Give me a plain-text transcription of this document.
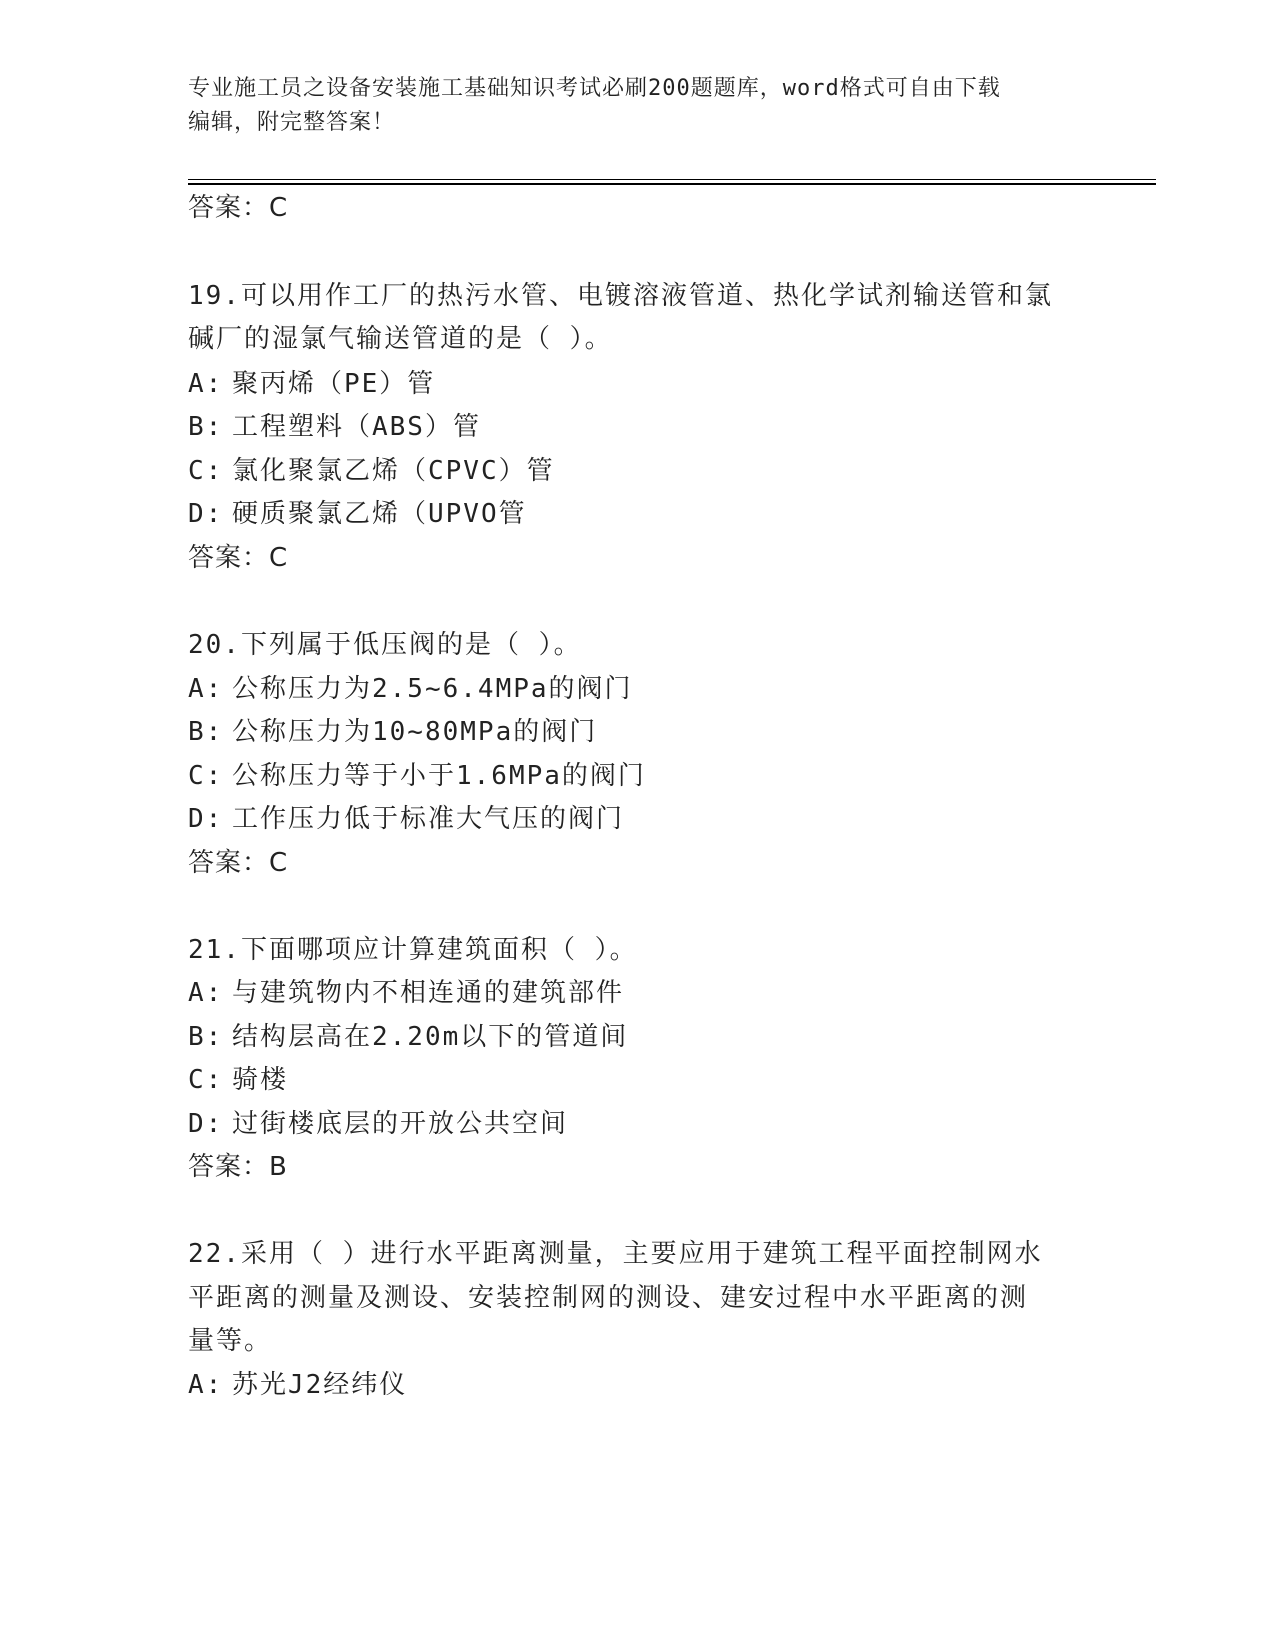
专业施工员之设备安装施工基础知识考试必刷200题题库，word格式可自由下载
编辑，附完整答案！
答案：C
19.可以用作工厂的热污水管、电镀溶液管道、热化学试剂输送管和氯
碱厂的湿氯气输送管道的是（ ）。
A: 聚丙烯（PE）管
B: 工程塑料（ABS）管
C: 氯化聚氯乙烯（CPVC）管
D: 硬质聚氯乙烯（UPVO管
答案：C
20.下列属于低压阀的是（ ）。
A: 公称压力为2.5~6.4MPa的阀门
B: 公称压力为10~80MPa的阀门
C: 公称压力等于小于1.6MPa的阀门
D: 工作压力低于标准大气压的阀门
答案：C
21.下面哪项应计算建筑面积（ ）。
A: 与建筑物内不相连通的建筑部件
B: 结构层高在2.20m以下的管道间
C: 骑楼
D: 过街楼底层的开放公共空间
答案：B
22.采用（ ）进行水平距离测量，主要应用于建筑工程平面控制网水
平距离的测量及测设、安装控制网的测设、建安过程中水平距离的测
量等。
A: 苏光J2经纬仪
